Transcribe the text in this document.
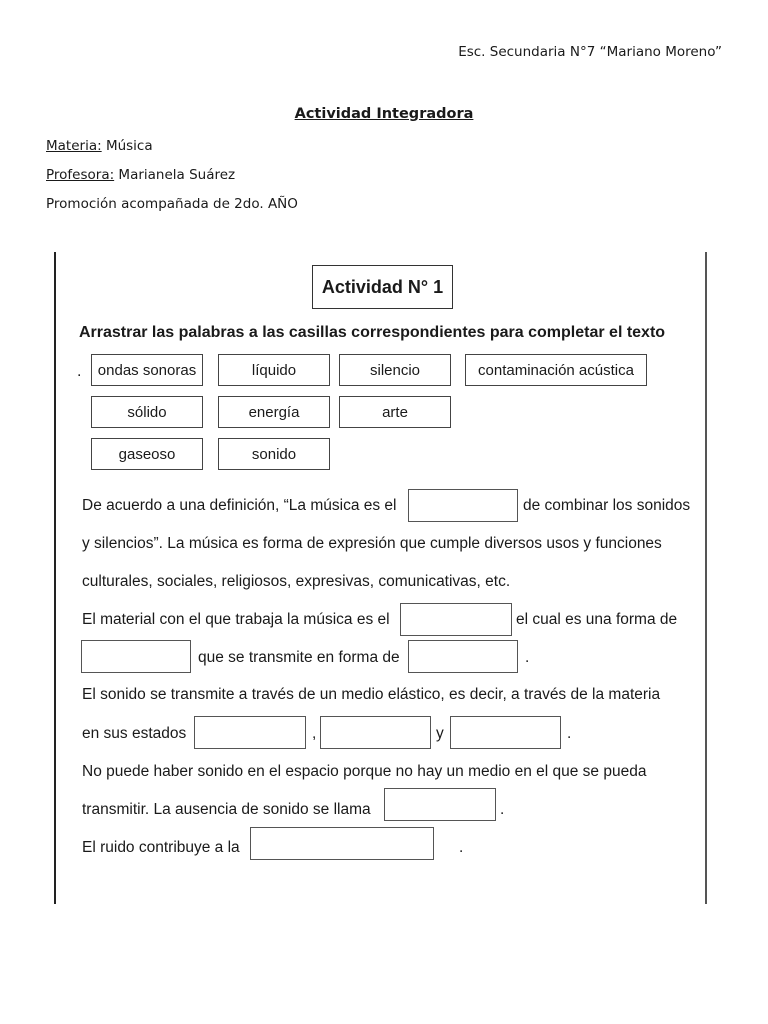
Esc. Secundaria N°7 “Mariano Moreno”
Actividad Integradora
Materia: Música
Profesora: Marianela Suárez
Promoción acompañada de 2do. AÑO
Actividad N° 1
Arrastrar las palabras a las casillas correspondientes para completar el texto
.	ondas sonoras	líquido	silencio	contaminación acústica
sólido	energía	arte
gaseoso	sonido
De acuerdo a una definición, “La música es el	de combinar los sonidos
y silencios”. La música es forma de expresión que cumple diversos usos y funciones
culturales, sociales, religiosos, expresivas, comunicativas, etc.
El material con el que trabaja la música es el	el cual es una forma de
que se transmite en forma de	.
El sonido se transmite a través de un medio elástico, es decir, a través de la materia
en sus estados	,	y	.
No puede haber sonido en el espacio porque no hay un medio en el que se pueda
transmitir. La ausencia de sonido se llama	.
El ruido contribuye a la	.
